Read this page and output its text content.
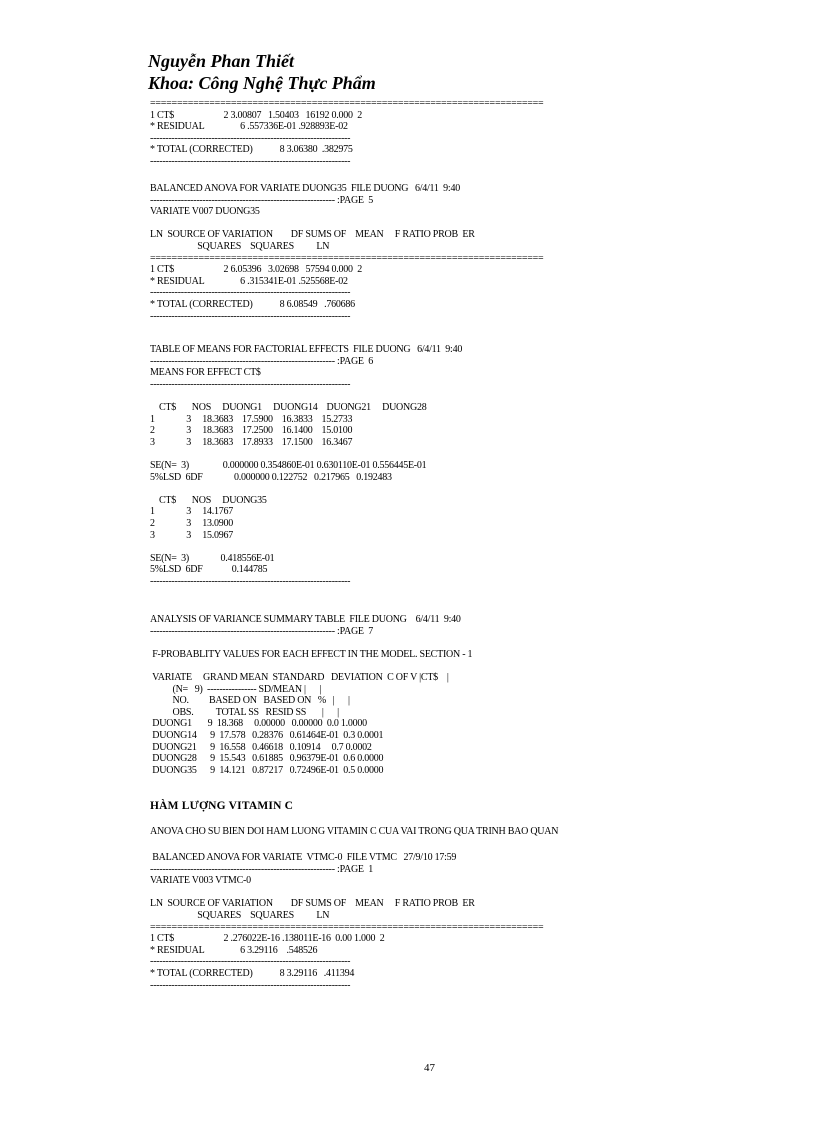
Nguyễn Phan Thiết
Khoa: Công Nghệ Thực Phẩm
=========================================================================
1 CT$                      2 3.00807   1.50403   16192 0.000  2
* RESIDUAL                6 .557336E-01 .928893E-02
-----------------------------------------------------------------
* TOTAL (CORRECTED)            8 3.06380  .382975
-----------------------------------------------------------------
BALANCED ANOVA FOR VARIATE DUONG35  FILE DUONG   6/4/11  9:40
------------------------------------------------------------ :PAGE  5
VARIATE V007 DUONG35

LN  SOURCE OF VARIATION        DF SUMS OF    MEAN     F RATIO PROB  ER
SQUARES    SQUARES          LN
=========================================================================
1 CT$                      2 6.05396   3.02698   57594 0.000  2
* RESIDUAL                6 .315341E-01 .525568E-02
-----------------------------------------------------------------
* TOTAL (CORRECTED)            8 6.08549   .760686
-----------------------------------------------------------------
TABLE OF MEANS FOR FACTORIAL EFFECTS  FILE DUONG   6/4/11  9:40
------------------------------------------------------------ :PAGE  6
MEANS FOR EFFECT CT$
-----------------------------------------------------------------

CT$       NOS     DUONG1     DUONG14    DUONG21     DUONG28
1              3     18.3683    17.5900    16.3833    15.2733
2              3     18.3683    17.2500    16.1400    15.0100
3              3     18.3683    17.8933    17.1500    16.3467

SE(N=  3)               0.000000 0.354860E-01 0.630110E-01 0.556445E-01
5%LSD  6DF              0.000000 0.122752   0.217965   0.192483

CT$       NOS     DUONG35
1              3     14.1767
2              3     13.0900
3              3     15.0967

SE(N=  3)              0.418556E-01
5%LSD  6DF             0.144785
-----------------------------------------------------------------
ANALYSIS OF VARIANCE SUMMARY TABLE  FILE DUONG    6/4/11  9:40
------------------------------------------------------------ :PAGE  7

F-PROBABLITY VALUES FOR EACH EFFECT IN THE MODEL. SECTION - 1

VARIATE     GRAND MEAN  STANDARD   DEVIATION  C OF V |CT$    |
(N=   9)  ---------------- SD/MEAN |      |
NO.         BASED ON   BASED ON   %   |      |
OBS.          TOTAL SS   RESID SS       |      |
DUONG1       9  18.368     0.00000   0.00000  0.0 1.0000
DUONG14      9  17.578   0.28376   0.61464E-01  0.3 0.0001
DUONG21      9  16.558   0.46618   0.10914     0.7 0.0002
DUONG28      9  15.543   0.61885   0.96379E-01  0.6 0.0000
DUONG35      9  14.121   0.87217   0.72496E-01  0.5 0.0000
HÀM LƯỢNG VITAMIN C
ANOVA CHO SU BIEN DOI HAM LUONG VITAMIN C CUA VAI TRONG QUA TRINH BAO QUAN
BALANCED ANOVA FOR VARIATE  VTMC-0  FILE VTMC   27/9/10 17:59
------------------------------------------------------------ :PAGE  1
VARIATE V003 VTMC-0

LN  SOURCE OF VARIATION        DF SUMS OF    MEAN     F RATIO PROB  ER
SQUARES    SQUARES          LN
=========================================================================
1 CT$                      2 .276022E-16 .138011E-16  0.00 1.000  2
* RESIDUAL                6 3.29116    .548526
-----------------------------------------------------------------
* TOTAL (CORRECTED)            8 3.29116   .411394
-----------------------------------------------------------------
47
